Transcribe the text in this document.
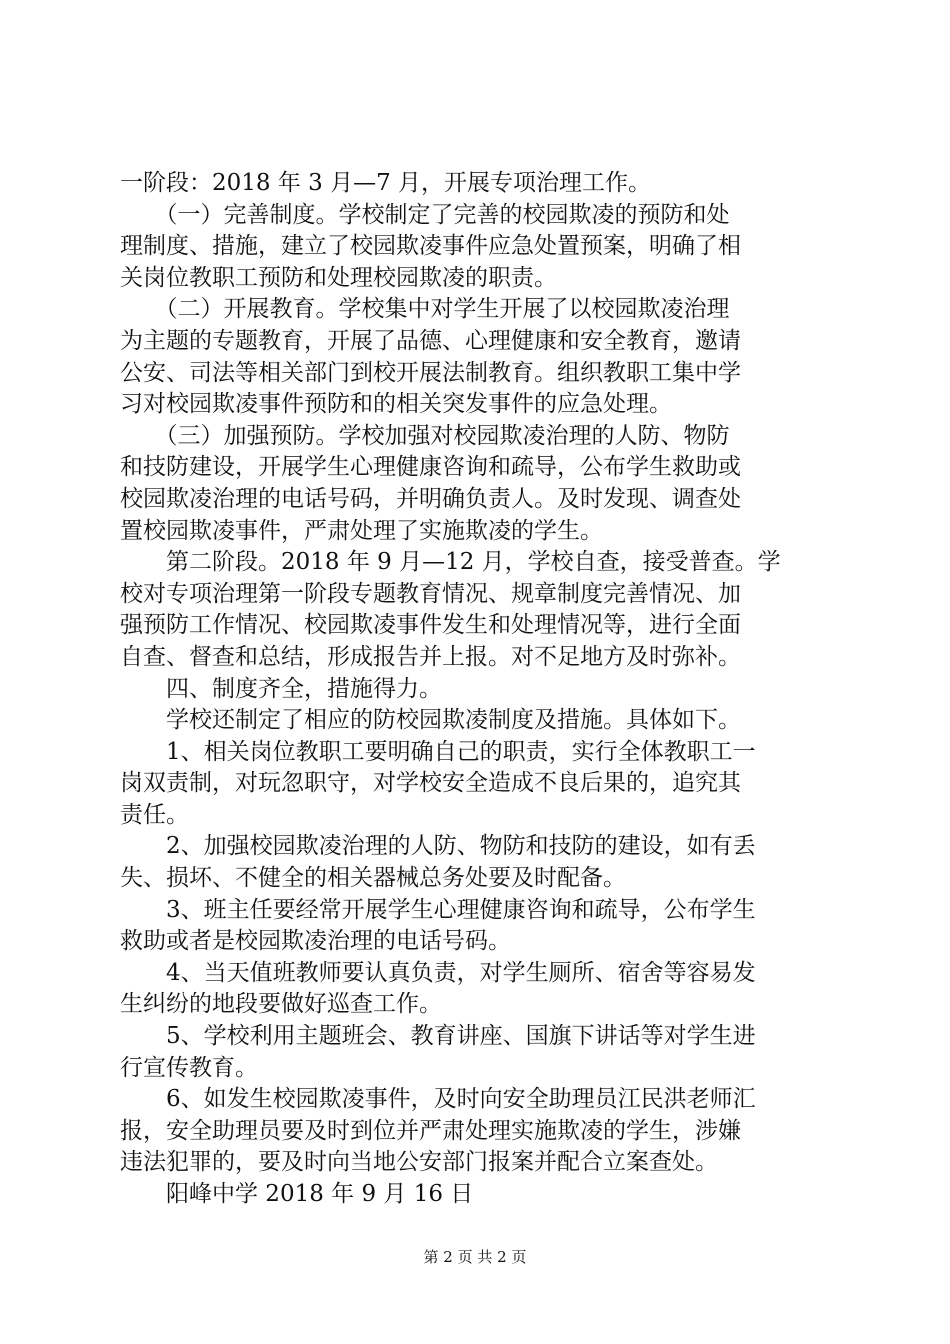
一阶段：2018 年 3 月—7 月，开展专项治理工作。
　　（一）完善制度。学校制定了完善的校园欺凌的预防和处
理制度、措施，建立了校园欺凌事件应急处置预案，明确了相
关岗位教职工预防和处理校园欺凌的职责。
　　（二）开展教育。学校集中对学生开展了以校园欺凌治理
为主题的专题教育，开展了品德、心理健康和安全教育，邀请
公安、司法等相关部门到校开展法制教育。组织教职工集中学
习对校园欺凌事件预防和的相关突发事件的应急处理。
　　（三）加强预防。学校加强对校园欺凌治理的人防、物防
和技防建设，开展学生心理健康咨询和疏导，公布学生救助或
校园欺凌治理的电话号码，并明确负责人。及时发现、调查处
置校园欺凌事件，严肃处理了实施欺凌的学生。
　　第二阶段。2018 年 9 月—12 月，学校自查，接受普查。学
校对专项治理第一阶段专题教育情况、规章制度完善情况、加
强预防工作情况、校园欺凌事件发生和处理情况等，进行全面
自查、督查和总结，形成报告并上报。对不足地方及时弥补。
　　四、制度齐全，措施得力。
　　学校还制定了相应的防校园欺凌制度及措施。具体如下。
　　1、相关岗位教职工要明确自己的职责，实行全体教职工一
岗双责制，对玩忽职守，对学校安全造成不良后果的，追究其
责任。
　　2、加强校园欺凌治理的人防、物防和技防的建设，如有丢
失、损坏、不健全的相关器械总务处要及时配备。
　　3、班主任要经常开展学生心理健康咨询和疏导，公布学生
救助或者是校园欺凌治理的电话号码。
　　4、当天值班教师要认真负责，对学生厕所、宿舍等容易发
生纠纷的地段要做好巡查工作。
　　5、学校利用主题班会、教育讲座、国旗下讲话等对学生进
行宣传教育。
　　6、如发生校园欺凌事件，及时向安全助理员江民洪老师汇
报，安全助理员要及时到位并严肃处理实施欺凌的学生，涉嫌
违法犯罪的，要及时向当地公安部门报案并配合立案查处。
　　阳峰中学 2018 年 9 月 16 日
第 2 页 共 2 页
